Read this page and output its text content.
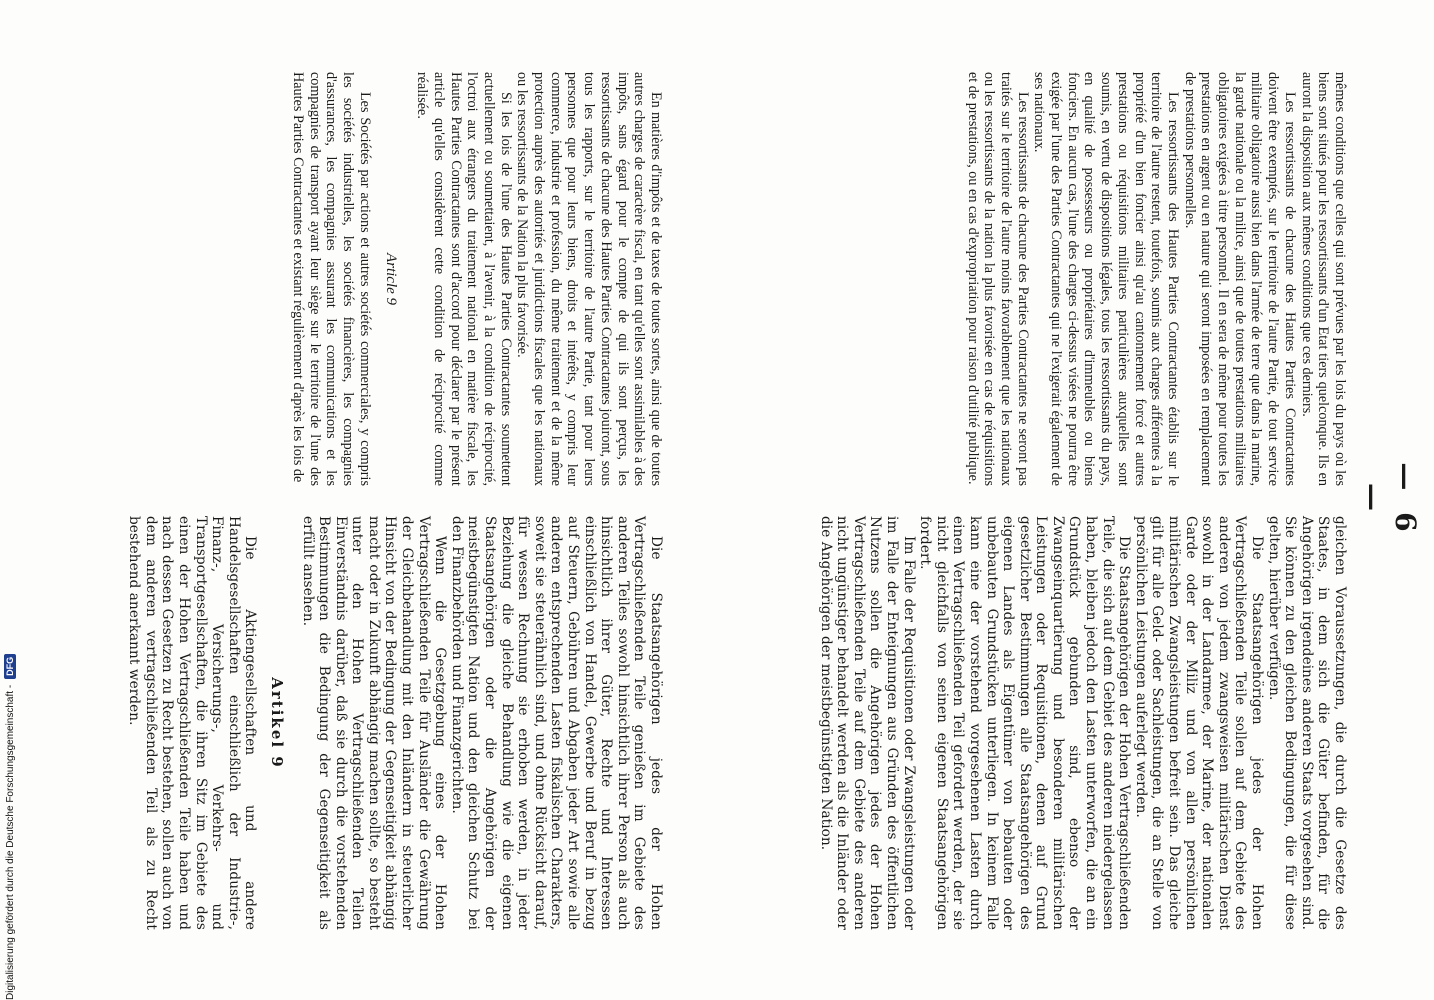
— 6 —

mêmes conditions que celles qui sont prévues par les lois du pays où les biens sont situés pour les ressortissants d'un Etat tiers quelconque. Ils en auront la disposition aux mêmes conditions que ces derniers.

Les ressortissants de chacune des Hautes Parties Contractantes doivent être exemptés, sur le territoire de l'autre Partie, de tout service militaire obligatoire aussi bien dans l'armée de terre que dans la marine, la garde nationale ou la milice, ainsi que de toutes prestations militaires obligatoires exigées à titre personnel. Il en sera de même pour toutes les prestations en argent ou en nature qui seront imposées en remplacement de prestations personnelles.

Les ressortissants des Hautes Parties Contractantes établis sur le territoire de l'autre restent, toutefois, soumis aux charges afférentes à la propriété d'un bien foncier ainsi qu'au cantonnement forcé et autres prestations ou réquisitions militaires particulières auxquelles sont soumis, en vertu de dispositions légales, tous les ressortissants du pays, en qualité de possesseurs ou propriétaires d'immeubles ou biens fonciers. En aucun cas, l'une des charges ci-dessus visées ne pourra être exigée par l'une des Parties Contractantes qui ne l'exigerait également de ses nationaux.

Les ressortissants de chacune des Parties Contractantes ne seront pas traités sur le territoire de l'autre moins favorablement que les nationaux ou les ressortissants de la nation la plus favorisée en cas de réquisitions et de prestations, ou en cas d'expropriation pour raison d'utilité publique.

gleichen Voraussetzungen, die durch die Gesetze des Staates, in dem sich die Güter befinden, für die Angehörigen irgendeines anderen Staats vorgesehen sind. Sie können zu den gleichen Bedingungen, die für diese gelten, hierüber verfügen.

Die Staatsangehörigen jedes der Hohen Vertragschließenden Teile sollen auf dem Gebiete des anderen von jedem zwangsweisen militärischen Dienst sowohl in der Landarmee, der Marine, der nationalen Garde oder der Miliz und von allen persönlichen militärischen Zwangsleistungen befreit sein. Das gleiche gilt für alle Geld- oder Sachleistungen, die an Stelle von persönlichen Leistungen auferlegt werden.

Die Staatsangehörigen der Hohen Vertragschließenden Teile, die sich auf dem Gebiet des anderen niedergelassen haben, bleiben jedoch den Lasten unterworfen, die an ein Grundstück gebunden sind, ebenso der Zwangseinquartierung und besonderen militärischen Leistungen oder Requisitionen, denen auf Grund gesetzlicher Bestimmungen alle Staatsangehörigen des eigenen Landes als Eigentümer von bebauten oder unbebauten Grundstücken unterliegen. In keinem Falle kann eine der vorstehend vorgesehenen Lasten durch einen Vertragschließenden Teil gefordert werden, der sie nicht gleichfalls von seinen eigenen Staatsangehörigen fordert.

Im Falle der Requisitionen oder Zwangsleistungen oder im Falle der Enteignungen aus Gründen des öffentlichen Nutzens sollen die Angehörigen jedes der Hohen Vertragschließenden Teile auf dem Gebiete des anderen nicht ungünstiger behandelt werden als die Inländer oder die Angehörigen der meistbegünstigten Nation.

En matières d'impôts et de taxes de toutes sortes, ainsi que de toutes autres charges de caractère fiscal, en tant qu'elles sont assimilables à des impôts, sans égard pour le compte de qui ils sont perçus, les ressortissants de chacune des Hautes Parties Contractantes jouiront, sous tous les rapports, sur le territoire de l'autre Partie, tant pour leurs personnes que pour leurs biens, droits et intérêts, y compris leur commerce, industrie et profession, du même traitement et de la même protection auprès des autorités et juridictions fiscales que les nationaux ou les ressortissants de la Nation la plus favorisée.

Si les lois de l'une des Hautes Parties Contractantes soumettent actuellement ou soumettaient, à l'avenir, à la condition de réciprocité, l'octroi aux étrangers du traitement national en matière fiscale, les Hautes Parties Contractantes sont d'accord pour déclarer par le présent article qu'elles considèrent cette condition de réciprocité comme réalisée.

Article 9

Les Sociétés par actions et autres sociétés commerciales, y compris les sociétés industrielles, les sociétés financières, les compagnies d'assurances, les compagnies assurant les communications et les compagnies de transport ayant leur siège sur le territoire de l'une des Hautes Parties Contractantes et existant régulièrement d'après les lois de

Die Staatsangehörigen jedes der Hohen Vertragschließenden Teile genießen im Gebiete des anderen Teiles sowohl hinsichtlich ihrer Person als auch hinsichtlich ihrer Güter, Rechte und Interessen einschließlich von Handel, Gewerbe und Beruf in bezug auf Steuern, Gebühren und Abgaben jeder Art sowie alle anderen entsprechenden Lasten fiskalischen Charakters, soweit sie steuerähnlich sind, und ohne Rücksicht darauf, für wessen Rechnung sie erhoben werden, in jeder Beziehung die gleiche Behandlung wie die eigenen Staatsangehörigen oder die Angehörigen der meistbegünstigten Nation und den gleichen Schutz bei den Finanzbehörden und Finanzgerichten.

Wenn die Gesetzgebung eines der Hohen Vertragschließenden Teile für Ausländer die Gewährung der Gleichbehandlung mit den Inländern in steuerlicher Hinsicht von der Bedingung der Gegenseitigkeit abhängig macht oder in Zukunft abhängig machen sollte, so besteht unter den Hohen Vertragschließenden Teilen Einverständnis darüber, daß sie durch die vorstehenden Bestimmungen die Bedingung der Gegenseitigkeit als erfüllt ansehen.

Artikel 9

Die Aktiengesellschaften und andere Handelsgesellschaften einschließlich der Industrie-, Finanz-, Versicherungs-, Verkehrs- und Transportgesellschaften, die ihren Sitz im Gebiete des einen der Hohen Vertragschließenden Teile haben und nach dessen Gesetzen zu Recht bestehen, sollen auch von dem anderen vertragschließenden Teil als zu Recht bestehend anerkannt werden.

Digitalisierung gefördert durch die Deutsche Forschungsgemeinschaft -
DFG
